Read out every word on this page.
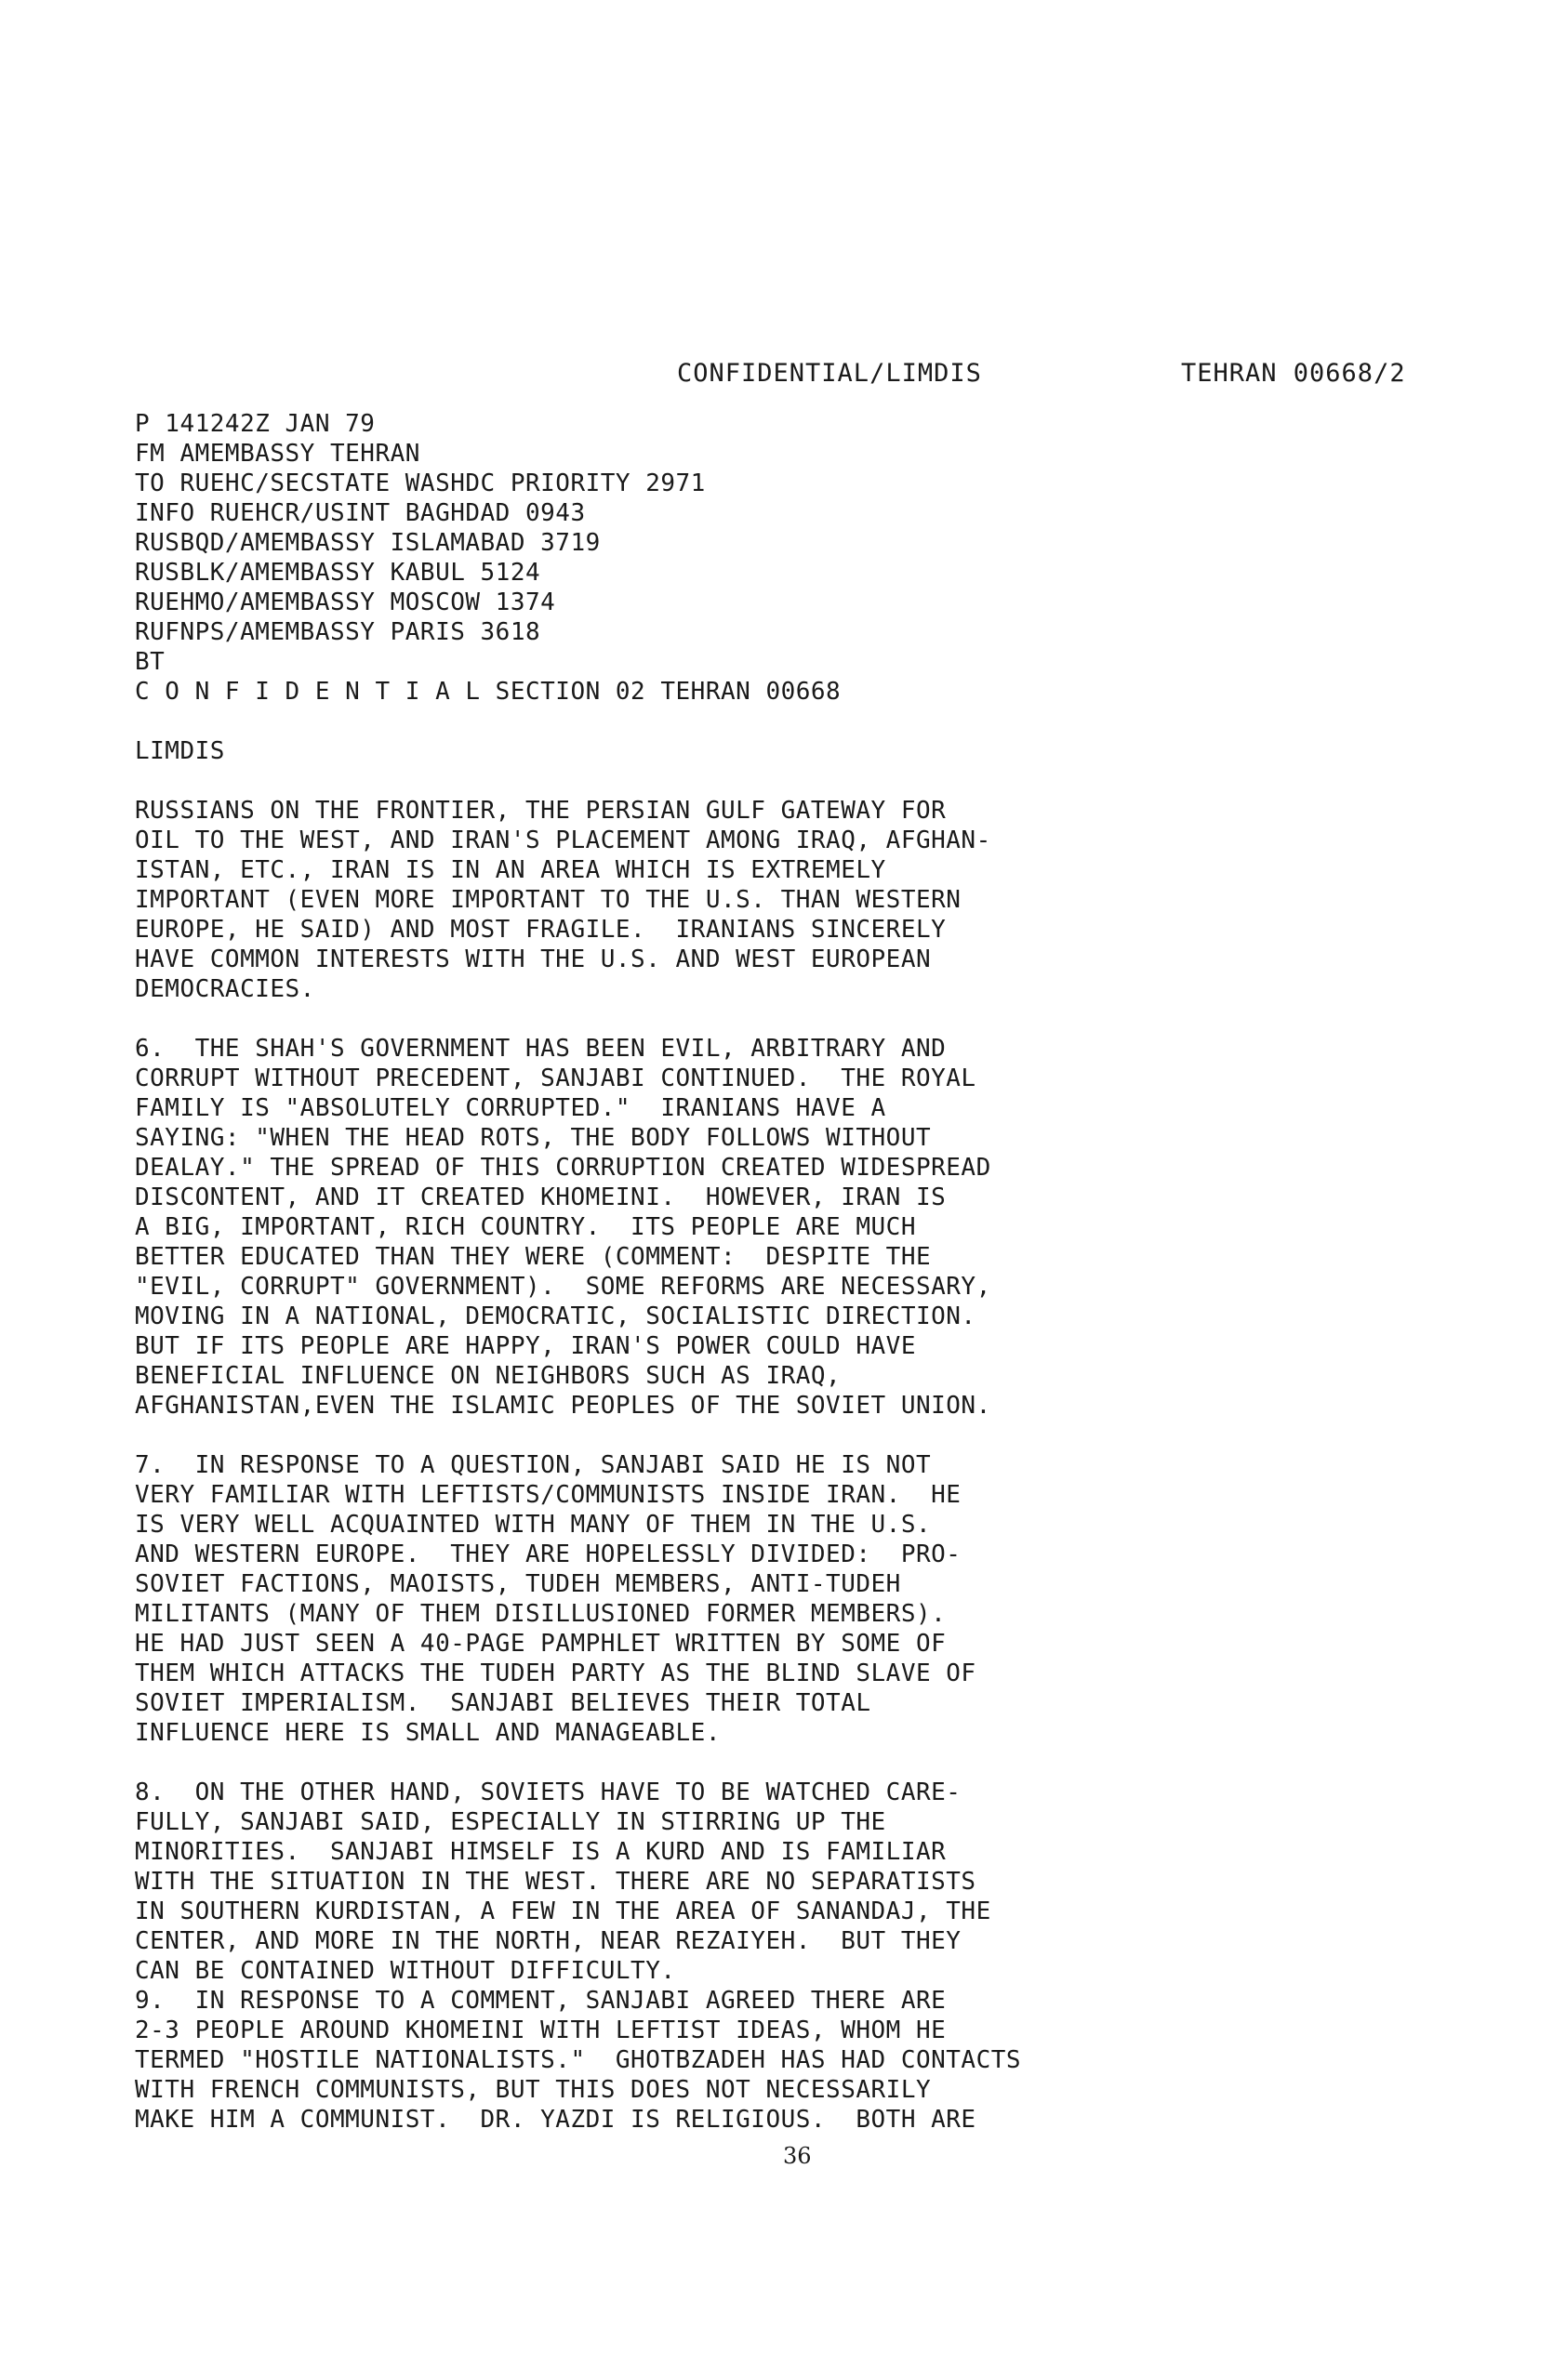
CONFIDENTIAL/LIMDIS	TEHRAN 00668/2
P 141242Z JAN 79
FM AMEMBASSY TEHRAN
TO RUEHC/SECSTATE WASHDC PRIORITY 2971
INFO RUEHCR/USINT BAGHDAD 0943
RUSBQD/AMEMBASSY ISLAMABAD 3719
RUSBLK/AMEMBASSY KABUL 5124
RUEHMO/AMEMBASSY MOSCOW 1374
RUFNPS/AMEMBASSY PARIS 3618
BT
C O N F I D E N T I A L SECTION 02 TEHRAN 00668
LIMDIS
RUSSIANS ON THE FRONTIER, THE PERSIAN GULF GATEWAY FOR
OIL TO THE WEST, AND IRAN'S PLACEMENT AMONG IRAQ, AFGHAN-
ISTAN, ETC., IRAN IS IN AN AREA WHICH IS EXTREMELY
IMPORTANT (EVEN MORE IMPORTANT TO THE U.S. THAN WESTERN
EUROPE, HE SAID) AND MOST FRAGILE.  IRANIANS SINCERELY
HAVE COMMON INTERESTS WITH THE U.S. AND WEST EUROPEAN
DEMOCRACIES.
6.  THE SHAH'S GOVERNMENT HAS BEEN EVIL, ARBITRARY AND
CORRUPT WITHOUT PRECEDENT, SANJABI CONTINUED.  THE ROYAL
FAMILY IS "ABSOLUTELY CORRUPTED."  IRANIANS HAVE A
SAYING: "WHEN THE HEAD ROTS, THE BODY FOLLOWS WITHOUT
DEALAY." THE SPREAD OF THIS CORRUPTION CREATED WIDESPREAD
DISCONTENT, AND IT CREATED KHOMEINI.  HOWEVER, IRAN IS
A BIG, IMPORTANT, RICH COUNTRY.  ITS PEOPLE ARE MUCH
BETTER EDUCATED THAN THEY WERE (COMMENT:  DESPITE THE
"EVIL, CORRUPT" GOVERNMENT).  SOME REFORMS ARE NECESSARY,
MOVING IN A NATIONAL, DEMOCRATIC, SOCIALISTIC DIRECTION.
BUT IF ITS PEOPLE ARE HAPPY, IRAN'S POWER COULD HAVE
BENEFICIAL INFLUENCE ON NEIGHBORS SUCH AS IRAQ,
AFGHANISTAN,EVEN THE ISLAMIC PEOPLES OF THE SOVIET UNION.
7.  IN RESPONSE TO A QUESTION, SANJABI SAID HE IS NOT
VERY FAMILIAR WITH LEFTISTS/COMMUNISTS INSIDE IRAN.  HE
IS VERY WELL ACQUAINTED WITH MANY OF THEM IN THE U.S.
AND WESTERN EUROPE.  THEY ARE HOPELESSLY DIVIDED:  PRO-
SOVIET FACTIONS, MAOISTS, TUDEH MEMBERS, ANTI-TUDEH
MILITANTS (MANY OF THEM DISILLUSIONED FORMER MEMBERS).
HE HAD JUST SEEN A 40-PAGE PAMPHLET WRITTEN BY SOME OF
THEM WHICH ATTACKS THE TUDEH PARTY AS THE BLIND SLAVE OF
SOVIET IMPERIALISM.  SANJABI BELIEVES THEIR TOTAL
INFLUENCE HERE IS SMALL AND MANAGEABLE.
8.  ON THE OTHER HAND, SOVIETS HAVE TO BE WATCHED CARE-
FULLY, SANJABI SAID, ESPECIALLY IN STIRRING UP THE
MINORITIES.  SANJABI HIMSELF IS A KURD AND IS FAMILIAR
WITH THE SITUATION IN THE WEST. THERE ARE NO SEPARATISTS
IN SOUTHERN KURDISTAN, A FEW IN THE AREA OF SANANDAJ, THE
CENTER, AND MORE IN THE NORTH, NEAR REZAIYEH.  BUT THEY
CAN BE CONTAINED WITHOUT DIFFICULTY.
9.  IN RESPONSE TO A COMMENT, SANJABI AGREED THERE ARE
2-3 PEOPLE AROUND KHOMEINI WITH LEFTIST IDEAS, WHOM HE
TERMED "HOSTILE NATIONALISTS."  GHOTBZADEH HAS HAD CONTACTS
WITH FRENCH COMMUNISTS, BUT THIS DOES NOT NECESSARILY
MAKE HIM A COMMUNIST.  DR. YAZDI IS RELIGIOUS.  BOTH ARE
36
